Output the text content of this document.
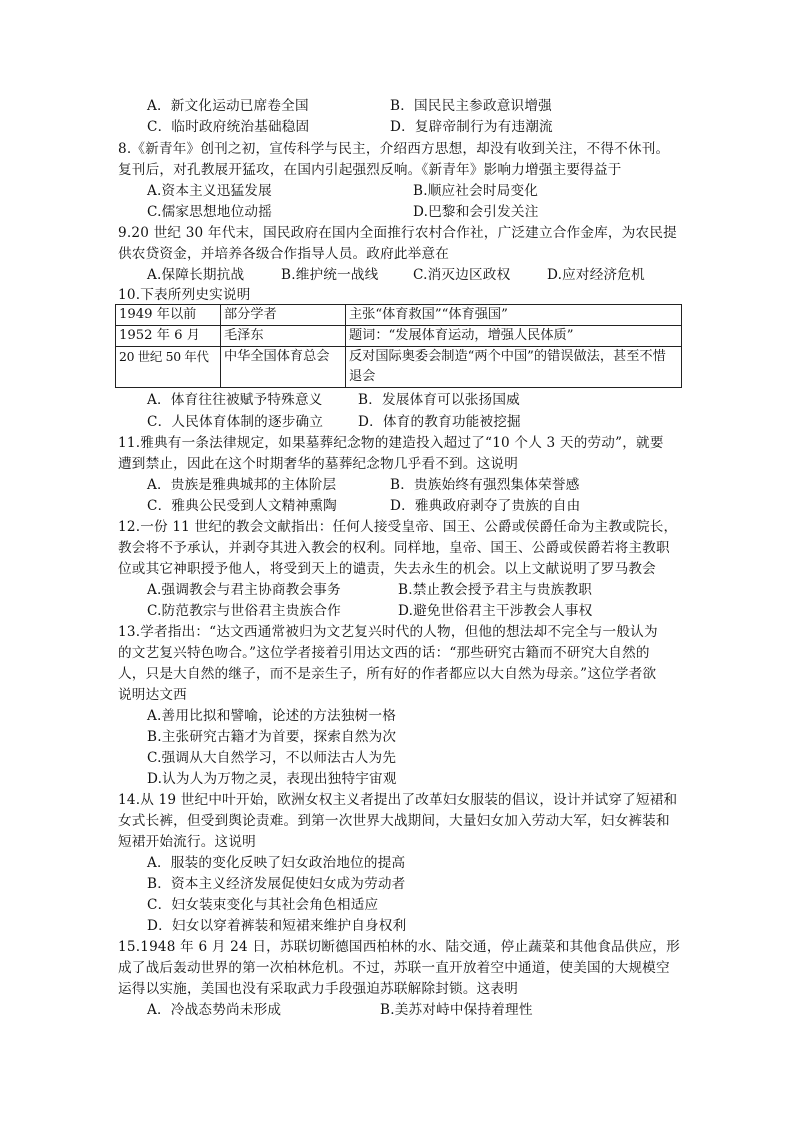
A．新文化运动已席卷全国	B．国民民主参政意识增强
C．临时政府统治基础稳固	D．复辟帝制行为有违潮流
8.《新青年》创刊之初，宣传科学与民主，介绍西方思想，却没有收到关注，不得不休刊。
复刊后，对孔教展开猛攻，在国内引起强烈反响。《新青年》影响力增强主要得益于
A.资本主义迅猛发展	B.顺应社会时局变化
C.儒家思想地位动摇	D.巴黎和会引发关注
9.20 世纪 30 年代末，国民政府在国内全面推行农村合作社，广泛建立合作金库，为农民提
供农贷资金，并培养各级合作指导人员。政府此举意在
A.保障长期抗战	B.维护统一战线	C.消灭边区政权	D.应对经济危机
10.下表所列史实说明
1949 年以前	部分学者	主张“体育救国”“体育强国”
1952 年 6 月	毛泽东	题词：“发展体育运动，增强人民体质”
20 世纪 50 年代	中华全国体育总会	反对国际奥委会制造“两个中国”的错误做法，甚至不惜退会
A．体育往往被赋予特殊意义	B．发展体育可以张扬国威
C．人民体育体制的逐步确立	D．体育的教育功能被挖掘
11.雅典有一条法律规定，如果墓葬纪念物的建造投入超过了“10 个人 3 天的劳动”，就要
遭到禁止，因此在这个时期奢华的墓葬纪念物几乎看不到。这说明
A．贵族是雅典城邦的主体阶层	B．贵族始终有强烈集体荣誉感
C．雅典公民受到人文精神熏陶	D．雅典政府剥夺了贵族的自由
12.一份 11 世纪的教会文献指出：任何人接受皇帝、国王、公爵或侯爵任命为主教或院长，
教会将不予承认，并剥夺其进入教会的权利。同样地，皇帝、国王、公爵或侯爵若将主教职
位或其它神职授予他人，将受到天上的谴责，失去永生的机会。以上文献说明了罗马教会
A.强调教会与君主协商教会事务	B.禁止教会授予君主与贵族教职
C.防范教宗与世俗君主贵族合作	D.避免世俗君主干涉教会人事权
13.学者指出：“达文西通常被归为文艺复兴时代的人物，但他的想法却不完全与一般认为
的文艺复兴特色吻合。”这位学者接着引用达文西的话：“那些研究古籍而不研究大自然的
人，只是大自然的继子，而不是亲生子，所有好的作者都应以大自然为母亲。”这位学者欲
说明达文西
A.善用比拟和譬喻，论述的方法独树一格
B.主张研究古籍才为首要，探索自然为次
C.强调从大自然学习，不以师法古人为先
D.认为人为万物之灵，表现出独特宇宙观
14.从 19 世纪中叶开始，欧洲女权主义者提出了改革妇女服装的倡议，设计并试穿了短裙和
女式长裤，但受到舆论责难。到第一次世界大战期间，大量妇女加入劳动大军，妇女裤装和
短裙开始流行。这说明
A．服装的变化反映了妇女政治地位的提高
B．资本主义经济发展促使妇女成为劳动者
C．妇女装束变化与其社会角色相适应
D．妇女以穿着裤装和短裙来维护自身权利
15.1948 年 6 月 24 日，苏联切断德国西柏林的水、陆交通，停止蔬菜和其他食品供应，形
成了战后轰动世界的第一次柏林危机。不过，苏联一直开放着空中通道，使美国的大规模空
运得以实施，美国也没有采取武力手段强迫苏联解除封锁。这表明
A．冷战态势尚未形成	B.美苏对峙中保持着理性
